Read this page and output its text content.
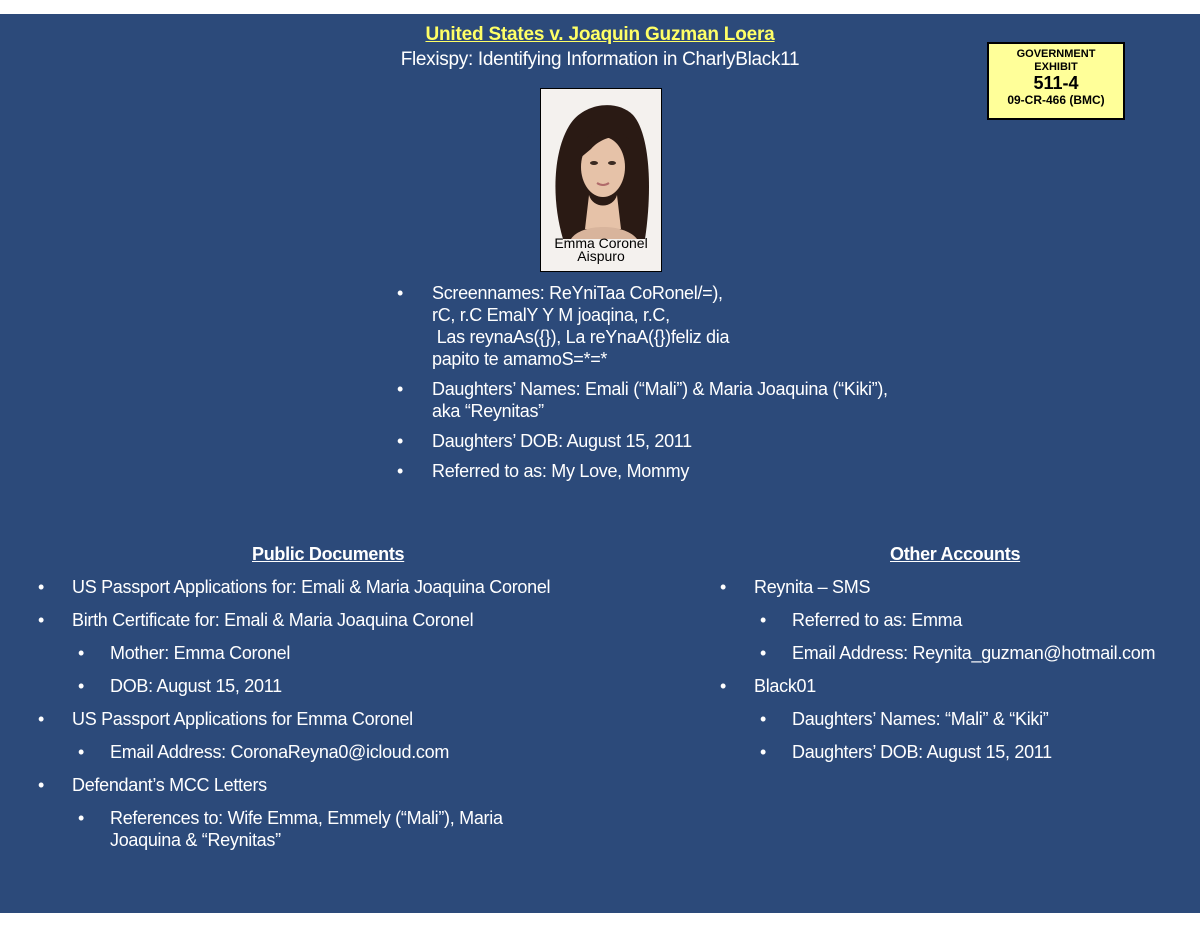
United States v. Joaquin Guzman Loera
Flexispy: Identifying Information in CharlyBlack11	GOVERNMENT
EXHIBIT
511-4
09-CR-466 (BMC)
Emma Coronel
Aispuro
• Screennames: ReYniTaa CoRonel/=),
rC, r.C EmalY Y M joaqina, r.C,
Las reynaAs({}), La reYnaA({})feliz dia
papito te amamoS=*=*
• Daughters’ Names: Emali (“Mali”) & Maria Joaquina (“Kiki”),
aka “Reynitas”
• Daughters’ DOB: August 15, 2011
• Referred to as: My Love, Mommy
Public Documents
• US Passport Applications for: Emali & Maria Joaquina Coronel
• Birth Certificate for: Emali & Maria Joaquina Coronel
• Mother: Emma Coronel
• DOB: August 15, 2011
• US Passport Applications for Emma Coronel
• Email Address: CoronaReyna0@icloud.com
• Defendant’s MCC Letters
• References to: Wife Emma, Emmely (“Mali”), Maria
Joaquina & “Reynitas”
Other Accounts
• Reynita – SMS
• Referred to as: Emma
• Email Address: Reynita_guzman@hotmail.com
• Black01
• Daughters’ Names: “Mali” & “Kiki”
• Daughters’ DOB: August 15, 2011
